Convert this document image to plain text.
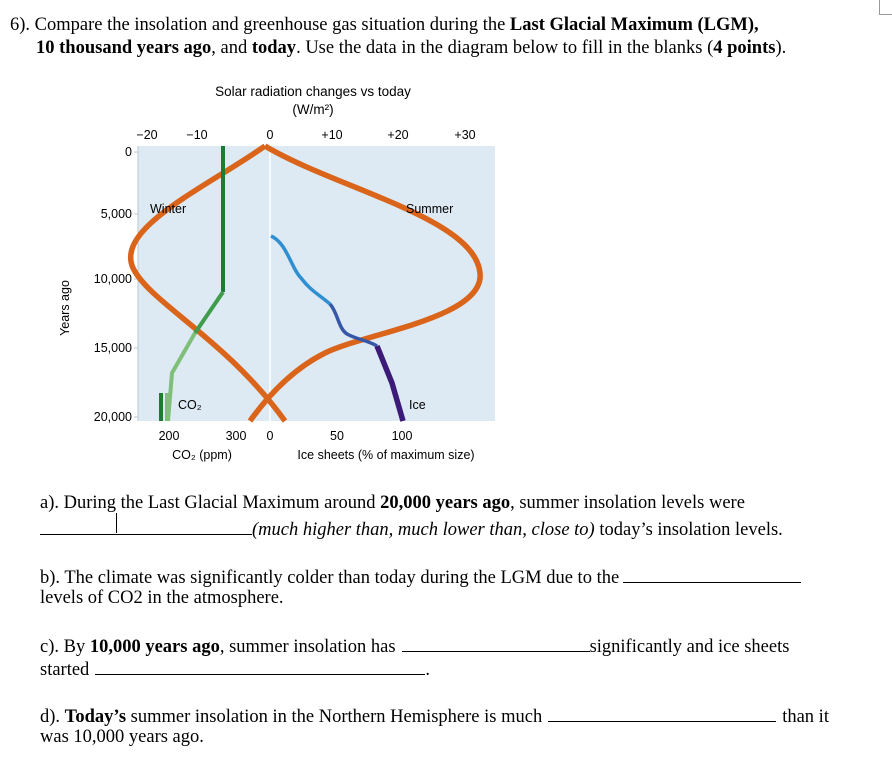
6). Compare the insolation and greenhouse gas situation during the Last Glacial Maximum (LGM),
10 thousand years ago, and today. Use the data in the diagram below to fill in the blanks (4 points).
Solar radiation changes vs today
(W/m²)
−20 −10	0	+10	+20	+30
0
5,000
10,000
15,000
20,000
Years ago
Winter	Summer
CO₂	Ice
200	300
CO₂ (ppm)
0	50	100
Ice sheets (% of maximum size)
a). During the Last Glacial Maximum around 20,000 years ago, summer insolation levels were
(much higher than, much lower than, close to) today’s insolation levels.
b). The climate was significantly colder than today during the LGM due to the
levels of CO2 in the atmosphere.
c). By 10,000 years ago, summer insolation has	significantly and ice sheets
started	.
d). Today’s summer insolation in the Northern Hemisphere is much	than it
was 10,000 years ago.
